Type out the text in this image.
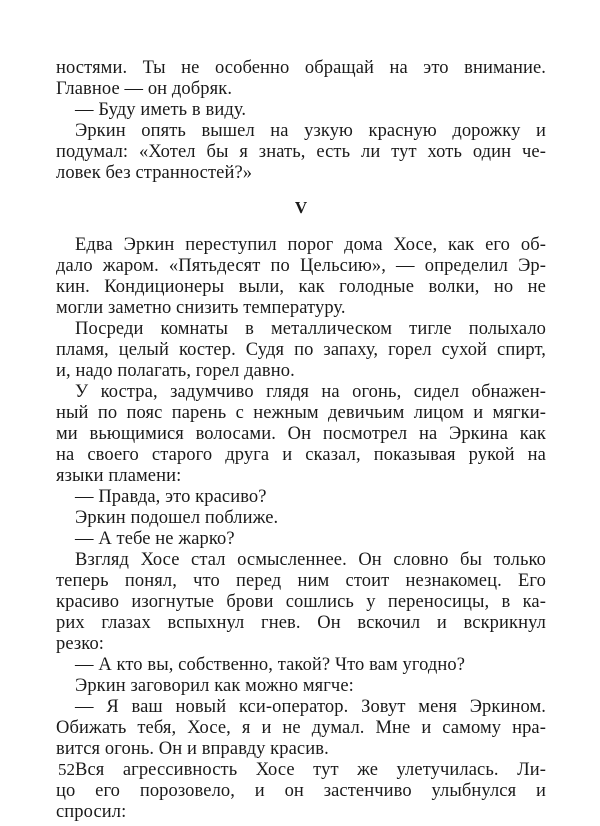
ностями. Ты не особенно обращай на это внимание.
Главное — он добряк.
— Буду иметь в виду.
Эркин опять вышел на узкую красную дорожку и
подумал: «Хотел бы я знать, есть ли тут хоть один че-
ловек без странностей?»
V
Едва Эркин переступил порог дома Хосе, как его об-
дало жаром. «Пятьдесят по Цельсию», — определил Эр-
кин. Кондиционеры выли, как голодные волки, но не
могли заметно снизить температуру.
Посреди комнаты в металлическом тигле полыхало
пламя, целый костер. Судя по запаху, горел сухой спирт,
и, надо полагать, горел давно.
У костра, задумчиво глядя на огонь, сидел обнажен-
ный по пояс парень с нежным девичьим лицом и мягки-
ми вьющимися волосами. Он посмотрел на Эркина как
на своего старого друга и сказал, показывая рукой на
языки пламени:
— Правда, это красиво?
Эркин подошел поближе.
— А тебе не жарко?
Взгляд Хосе стал осмысленнее. Он словно бы только
теперь понял, что перед ним стоит незнакомец. Его
красиво изогнутые брови сошлись у переносицы, в ка-
рих глазах вспыхнул гнев. Он вскочил и вскрикнул
резко:
— А кто вы, собственно, такой? Что вам угодно?
Эркин заговорил как можно мягче:
— Я ваш новый кси-оператор. Зовут меня Эркином.
Обижать тебя, Хосе, я и не думал. Мне и самому нра-
вится огонь. Он и вправду красив.
Вся агрессивность Хосе тут же улетучилась. Ли-
цо его порозовело, и он застенчиво улыбнулся и
спросил:
52
